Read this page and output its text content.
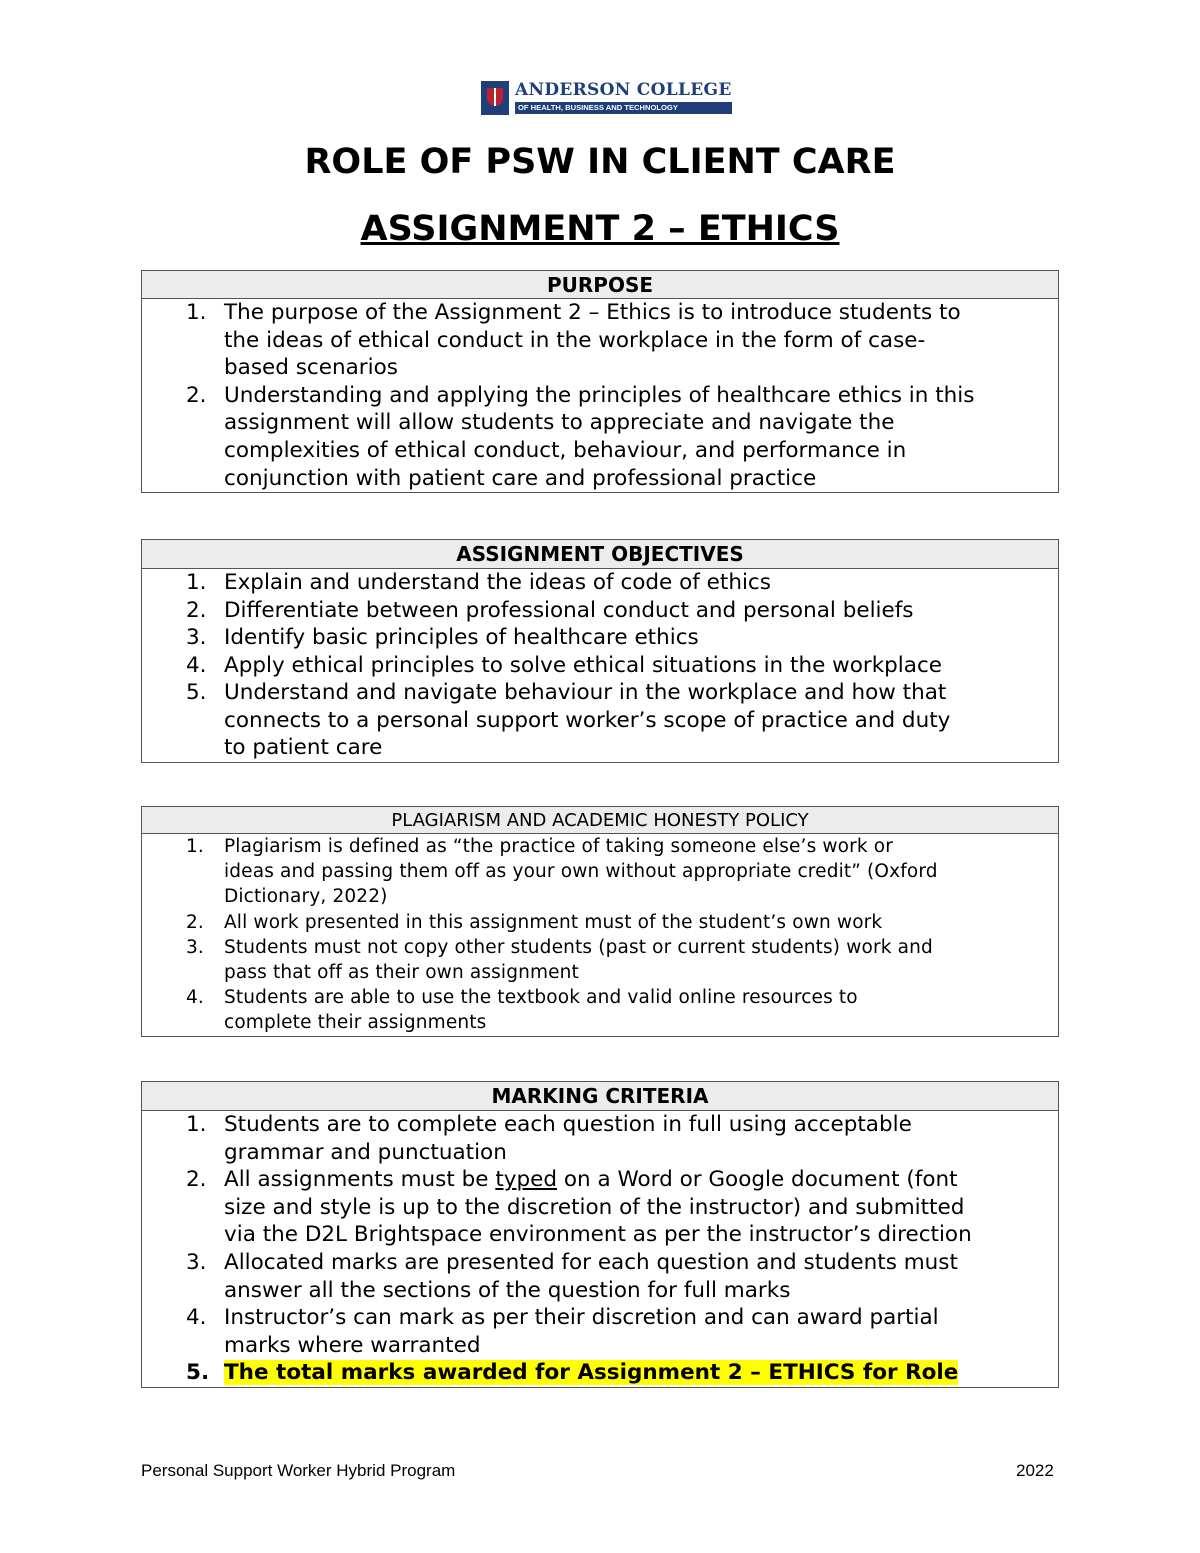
ANDERSON COLLEGE
OF HEALTH, BUSINESS AND TECHNOLOGY
ROLE OF PSW IN CLIENT CARE
ASSIGNMENT 2 – ETHICS
PURPOSE
1. The purpose of the Assignment 2 – Ethics is to introduce students to
the ideas of ethical conduct in the workplace in the form of case-
based scenarios
2. Understanding and applying the principles of healthcare ethics in this
assignment will allow students to appreciate and navigate the
complexities of ethical conduct, behaviour, and performance in
conjunction with patient care and professional practice
ASSIGNMENT OBJECTIVES
1. Explain and understand the ideas of code of ethics
2. Differentiate between professional conduct and personal beliefs
3. Identify basic principles of healthcare ethics
4. Apply ethical principles to solve ethical situations in the workplace
5. Understand and navigate behaviour in the workplace and how that
connects to a personal support worker’s scope of practice and duty
to patient care
PLAGIARISM AND ACADEMIC HONESTY POLICY
1.	Plagiarism is defined as “the practice of taking someone else’s work or
ideas and passing them off as your own without appropriate credit” (Oxford
Dictionary, 2022)
2.	All work presented in this assignment must of the student’s own work
3.	Students must not copy other students (past or current students) work and
pass that off as their own assignment
4.	Students are able to use the textbook and valid online resources to
complete their assignments
MARKING CRITERIA
1. Students are to complete each question in full using acceptable
grammar and punctuation
2. All assignments must be typed on a Word or Google document (font
size and style is up to the discretion of the instructor) and submitted
via the D2L Brightspace environment as per the instructor’s direction
3. Allocated marks are presented for each question and students must
answer all the sections of the question for full marks
4. Instructor’s can mark as per their discretion and can award partial
marks where warranted
5. The total marks awarded for Assignment 2 – ETHICS for Role
Personal Support Worker Hybrid Program	2022
